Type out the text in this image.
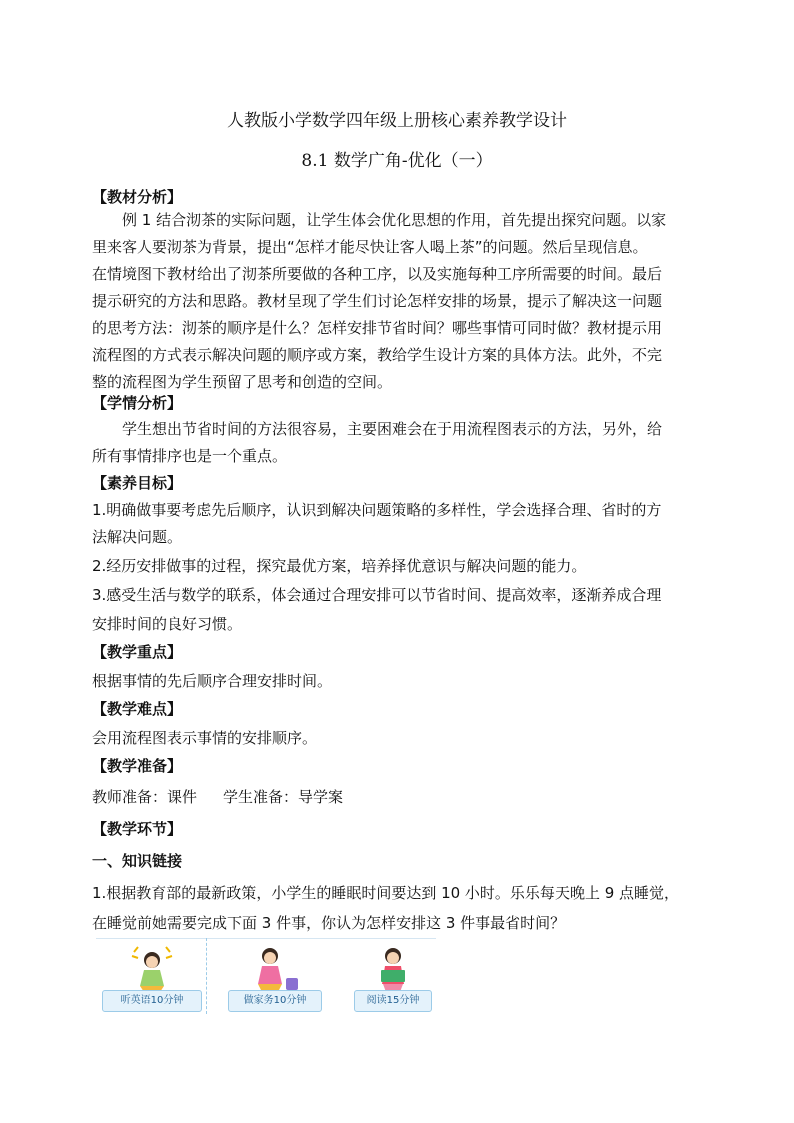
人教版小学数学四年级上册核心素养教学设计
8.1 数学广角-优化（一）
【教材分析】
例 1 结合沏茶的实际问题，让学生体会优化思想的作用，首先提出探究问题。以家
里来客人要沏茶为背景，提出“怎样才能尽快让客人喝上茶”的问题。然后呈现信息。
在情境图下教材给出了沏茶所要做的各种工序，以及实施每种工序所需要的时间。最后
提示研究的方法和思路。教材呈现了学生们讨论怎样安排的场景，提示了解决这一问题
的思考方法：沏茶的顺序是什么？怎样安排节省时间？哪些事情可同时做？教材提示用
流程图的方式表示解决问题的顺序或方案，教给学生设计方案的具体方法。此外，不完
整的流程图为学生预留了思考和创造的空间。
【学情分析】
学生想出节省时间的方法很容易，主要困难会在于用流程图表示的方法，另外，给
所有事情排序也是一个重点。
【素养目标】
1.明确做事要考虑先后顺序，认识到解决问题策略的多样性，学会选择合理、省时的方
法解决问题。
2.经历安排做事的过程，探究最优方案，培养择优意识与解决问题的能力。
3.感受生活与数学的联系，体会通过合理安排可以节省时间、提高效率，逐渐养成合理
安排时间的良好习惯。
【教学重点】
根据事情的先后顺序合理安排时间。
【教学难点】
会用流程图表示事情的安排顺序。
【教学准备】
教师准备：课件 学生准备：导学案
【教学环节】
一、知识链接
1.根据教育部的最新政策，小学生的睡眠时间要达到 10 小时。乐乐每天晚上 9 点睡觉，
在睡觉前她需要完成下面 3 件事，你认为怎样安排这 3 件事最省时间？
听英语10分钟	做家务10分钟	阅读15分钟
